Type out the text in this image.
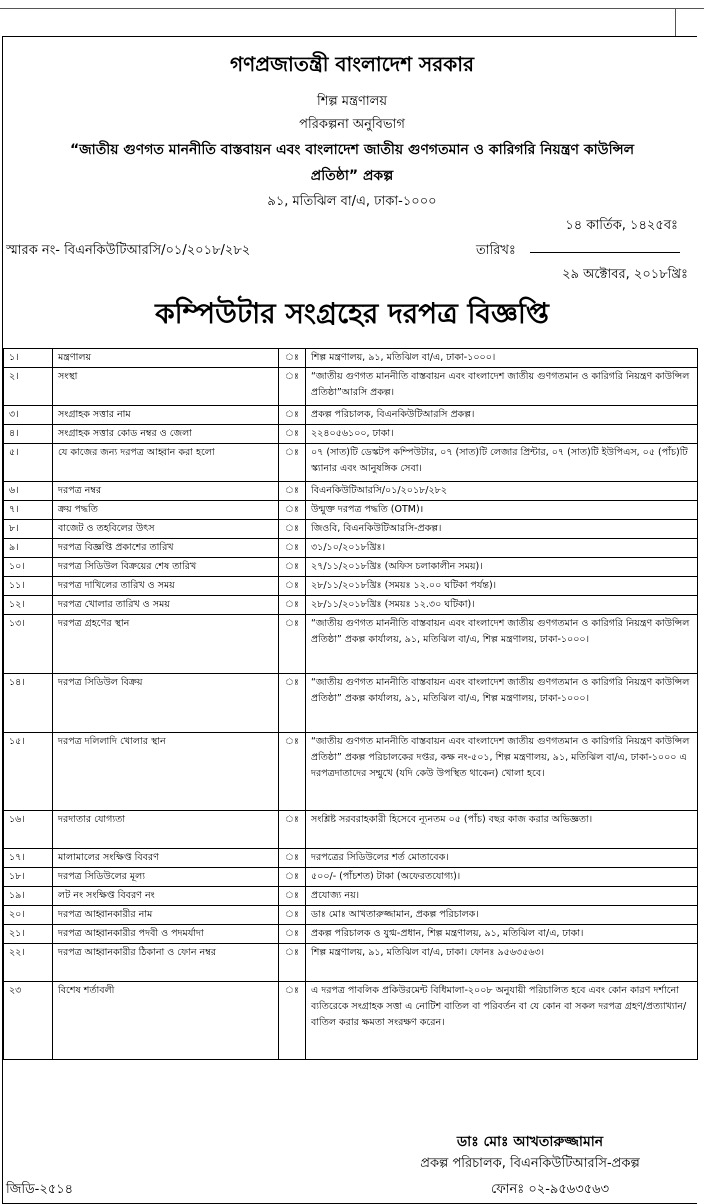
গণপ্রজাতন্ত্রী বাংলাদেশ সরকার
শিল্প মন্ত্রণালয়
পরিকল্পনা অনুবিভাগ
“জাতীয় গুণগত মাননীতি বাস্তবায়ন এবং বাংলাদেশ জাতীয় গুণগতমান ও কারিগরি নিয়ন্ত্রণ কাউন্সিল
প্রতিষ্ঠা” প্রকল্প
৯১, মতিঝিল বা/এ, ঢাকা-১০০০
স্মারক নং- বিএনকিউটিআরসি/০১/২০১৮/২৮২
১৪ কার্তিক, ১৪২৫বঃ
তারিখঃ
২৯ অক্টোবর, ২০১৮খ্রিঃ
কম্পিউটার সংগ্রহের দরপত্র বিজ্ঞপ্তি
১।	মন্ত্রণালয়	ঃ	শিল্প মন্ত্রণালয়, ৯১, মতিঝিল বা/এ, ঢাকা-১০০০।
২।	সংস্থা	ঃ	“জাতীয় গুণগত মাননীতি বাস্তবায়ন এবং বাংলাদেশ জাতীয় গুণগতমান ও কারিগরি নিয়ন্ত্রণ কাউন্সিল প্রতিষ্ঠা”আরসি প্রকল্প।
৩।	সংগ্রাহক সত্তার নাম	ঃ	প্রকল্প পরিচালক, বিএনকিউটিআরসি প্রকল্প।
৪।	সংগ্রাহক সত্তার কোড নম্বর ও জেলা	ঃ	২২৪০৫৬১০০, ঢাকা।
৫।	যে কাজের জন্য দরপত্র আহ্বান করা হলো	ঃ	০৭ (সাত)টি ডেস্কটপ কম্পিউটার, ০৭ (সাত)টি লেজার প্রিন্টার, ০৭ (সাত)টি ইউপিএস, ০৫ (পাঁচ)টি স্ক্যানার এবং আনুষঙ্গিক সেবা।
৬।	দরপত্র নম্বর	ঃ	বিএনকিউটিআরসি/০১/২০১৮/২৮২
৭।	ক্রয় পদ্ধতি	ঃ	উন্মুক্ত দরপত্র পদ্ধতি (OTM)।
৮।	বাজেট ও তহবিলের উৎস	ঃ	জিওবি, বিএনকিউটিআরসি-প্রকল্প।
৯।	দরপত্র বিজ্ঞপ্তি প্রকাশের তারিখ	ঃ	৩১/১০/২০১৮খ্রিঃ।
১০।	দরপত্র সিডিউল বিক্রয়ের শেষ তারিখ	ঃ	২৭/১১/২০১৮খ্রিঃ (অফিস চলাকালীন সময়)।
১১।	দরপত্র দাখিলের তারিখ ও সময়	ঃ	২৮/১১/২০১৮খ্রিঃ (সময়ঃ ১২.০০ ঘটিকা পর্যন্ত)।
১২।	দরপত্র খোলার তারিখ ও সময়	ঃ	২৮/১১/২০১৮খ্রিঃ (সময়ঃ ১২.৩০ ঘটিকা)।
১৩।	দরপত্র গ্রহণের স্থান	ঃ	“জাতীয় গুণগত মাননীতি বাস্তবায়ন এবং বাংলাদেশ জাতীয় গুণগতমান ও কারিগরি নিয়ন্ত্রণ কাউন্সিল প্রতিষ্ঠা” প্রকল্প কার্যালয়, ৯১, মতিঝিল বা/এ, শিল্প মন্ত্রণালয়, ঢাকা-১০০০।
১৪।	দরপত্র সিডিউল বিক্রয়	ঃ	“জাতীয় গুণগত মাননীতি বাস্তবায়ন এবং বাংলাদেশ জাতীয় গুণগতমান ও কারিগরি নিয়ন্ত্রণ কাউন্সিল প্রতিষ্ঠা” প্রকল্প কার্যালয়, ৯১, মতিঝিল বা/এ, শিল্প মন্ত্রণালয়, ঢাকা-১০০০।
১৫।	দরপত্র দলিলাদি খোলার স্থান	ঃ	“জাতীয় গুণগত মাননীতি বাস্তবায়ন এবং বাংলাদেশ জাতীয় গুণগতমান ও কারিগরি নিয়ন্ত্রণ কাউন্সিল প্রতিষ্ঠা” প্রকল্প পরিচালকের দপ্তর, কক্ষ নং-৫০১, শিল্প মন্ত্রণালয়, ৯১, মতিঝিল বা/এ, ঢাকা-১০০০ এ দরপত্রদাতাদের সম্মুখে (যদি কেউ উপস্থিত থাকেন) খোলা হবে।
১৬।	দরদাতার যোগ্যতা	ঃ	সংশ্লিষ্ট সরবরাহকারী হিসেবে ন্যূনতম ০৫ (পাঁচ) বছর কাজ করার অভিজ্ঞতা।
১৭।	মালামালের সংক্ষিপ্ত বিবরণ	ঃ	দরপত্রের সিডিউলের শর্ত মোতাবেক।
১৮।	দরপত্র সিডিউলের মূল্য	ঃ	৫০০/- (পাঁচশত) টাকা (অফেরতযোগ্য)।
১৯।	লট নং সংক্ষিপ্ত বিবরণ নং	ঃ	প্রযোজ্য নয়।
২০।	দরপত্র আহ্বানকারীর নাম	ঃ	ডাঃ মোঃ আখতারুজ্জামান, প্রকল্প পরিচালক।
২১।	দরপত্র আহ্বানকারীর পদবী ও পদমর্যাদা	ঃ	প্রকল্প পরিচালক ও যুগ্ম-প্রধান, শিল্প মন্ত্রণালয়, ৯১, মতিঝিল বা/এ, ঢাকা।
২২।	দরপত্র আহ্বানকারীর ঠিকানা ও ফোন নম্বর	ঃ	শিল্প মন্ত্রণালয়, ৯১, মতিঝিল বা/এ, ঢাকা। ফোনঃ ৯৫৬৩৫৬৩।
২৩	বিশেষ শর্তাবলী	ঃ	এ দরপত্র পাবলিক প্রকিউরমেন্ট বিধিমালা-২০০৮ অনুযায়ী পরিচালিত হবে এবং কোন কারণ দর্শানো ব্যতিরেকে সংগ্রাহক সত্তা এ নোটিশ বাতিল বা পরিবর্তন বা যে কোন বা সকল দরপত্র গ্রহণ/প্রত্যাখ্যান/বাতিল করার ক্ষমতা সংরক্ষণ করেন।
ডাঃ মোঃ আখতারুজ্জামান
প্রকল্প পরিচালক, বিএনকিউটিআরসি-প্রকল্প
ফোনঃ ০২-৯৫৬৩৫৬৩
জিডি-২৫১৪
